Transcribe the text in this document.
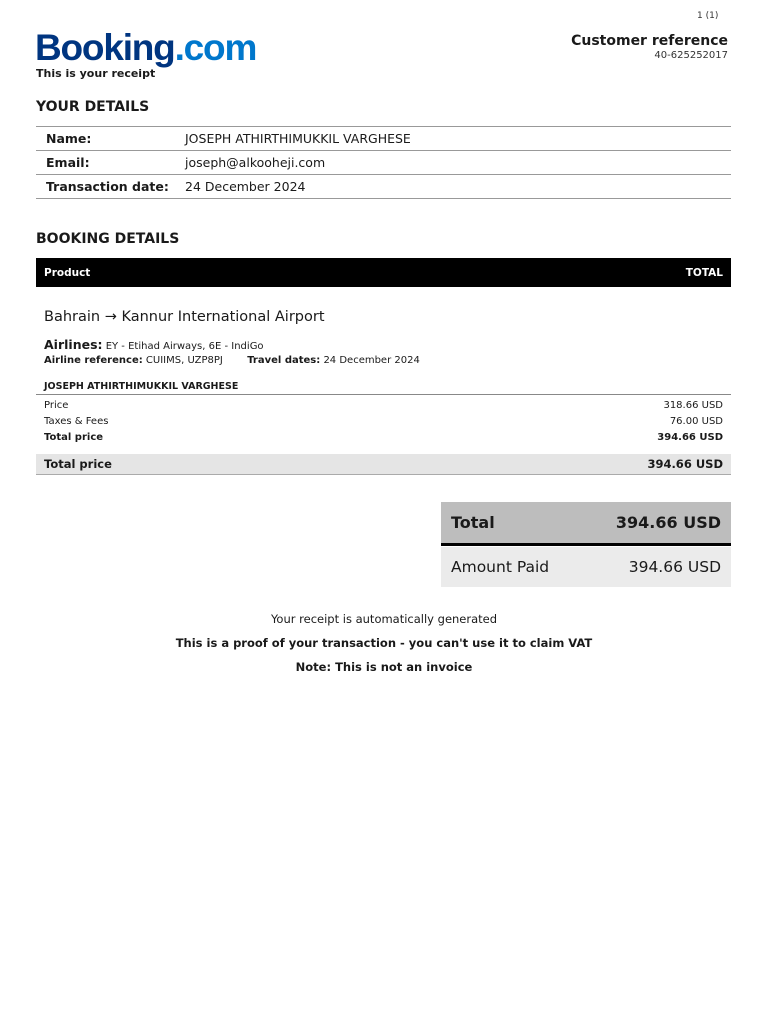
1 (1)
Booking.com
This is your receipt
Customer reference
40-625252017
YOUR DETAILS
Name:	JOSEPH ATHIRTHIMUKKIL VARGHESE
Email:	joseph@alkooheji.com
Transaction date:	24 December 2024
BOOKING DETAILS
Product	TOTAL
Bahrain → Kannur International Airport
Airlines: EY - Etihad Airways, 6E - IndiGo
Airline reference: CUIIMS, UZP8PJ Travel dates: 24 December 2024
JOSEPH ATHIRTHIMUKKIL VARGHESE
Price	318.66 USD
Taxes & Fees	76.00 USD
Total price	394.66 USD
Total price	394.66 USD
Total	394.66 USD
Amount Paid	394.66 USD
Your receipt is automatically generated
This is a proof of your transaction - you can't use it to claim VAT
Note: This is not an invoice
